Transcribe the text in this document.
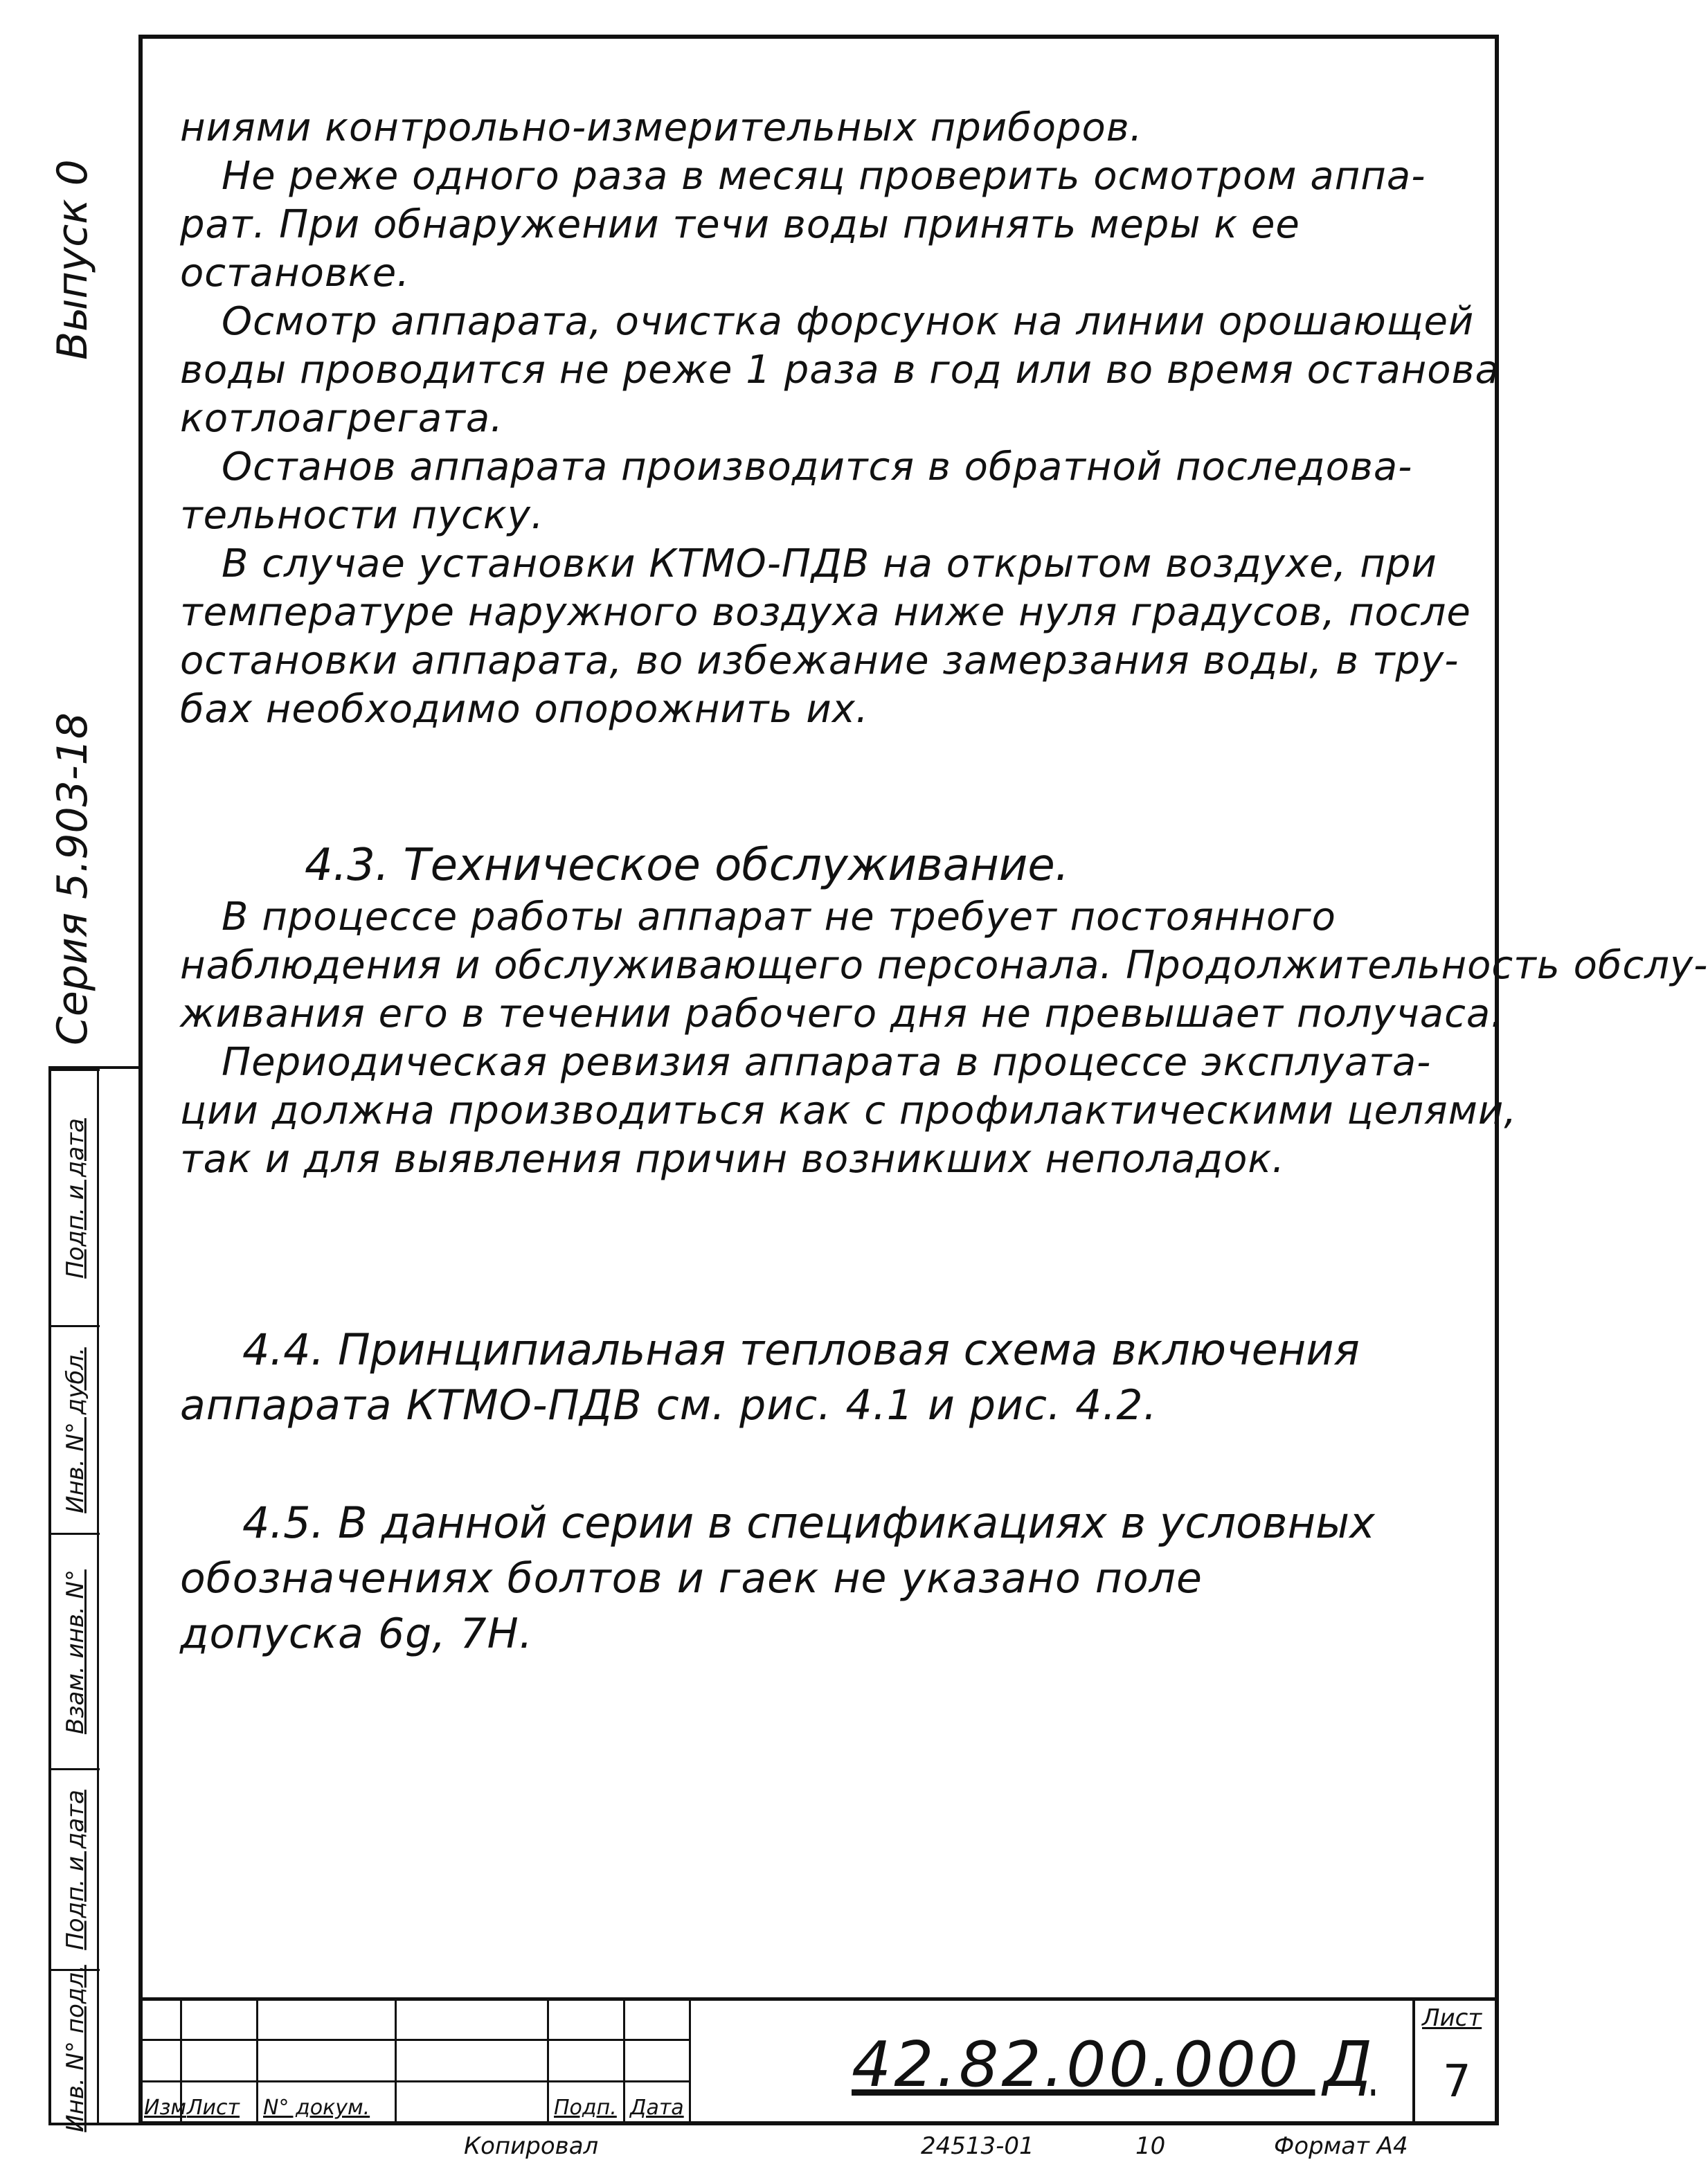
Выпуск 0
Серия 5.903-18
Подп. и дата
Инв. N° дубл.
Взам. инв. N°
Подп. и дата
Инв. N° подл.
ниями контрольно-измерительных приборов.
Не реже одного раза в месяц проверить осмотром аппа-
рат. При обнаружении течи воды принять меры к ее
остановке.
Осмотр аппарата, очистка форсунок на линии орошающей
воды проводится не реже 1 раза в год или во время останова
котлоагрегата.
Останов аппарата производится в обратной последова-
тельности пуску.
В случае установки КТМО-ПДВ на открытом воздухе, при
температуре наружного воздуха ниже нуля градусов, после
остановки аппарата, во избежание замерзания воды, в тру-
бах необходимо опорожнить их.
4.3. Техническое обслуживание.
В процессе работы аппарат не требует постоянного
наблюдения и обслуживающего персонала. Продолжительность обслу-
живания его в течении рабочего дня не превышает получаса.
Периодическая ревизия аппарата в процессе эксплуата-
ции должна производиться как с профилактическими целями,
так и для выявления причин возникших неполадок.
4.4. Принципиальная тепловая схема включения
аппарата КТМО-ПДВ см. рис. 4.1 и рис. 4.2.
4.5. В данной серии в спецификациях в условных
обозначениях болтов и гаек не указано поле
допуска 6g, 7H.
Изм Лист N° докум.	Подп. Дата
42.82.00.000 Д
Лист
7
Копировал	24513-01	10	Формат А4
